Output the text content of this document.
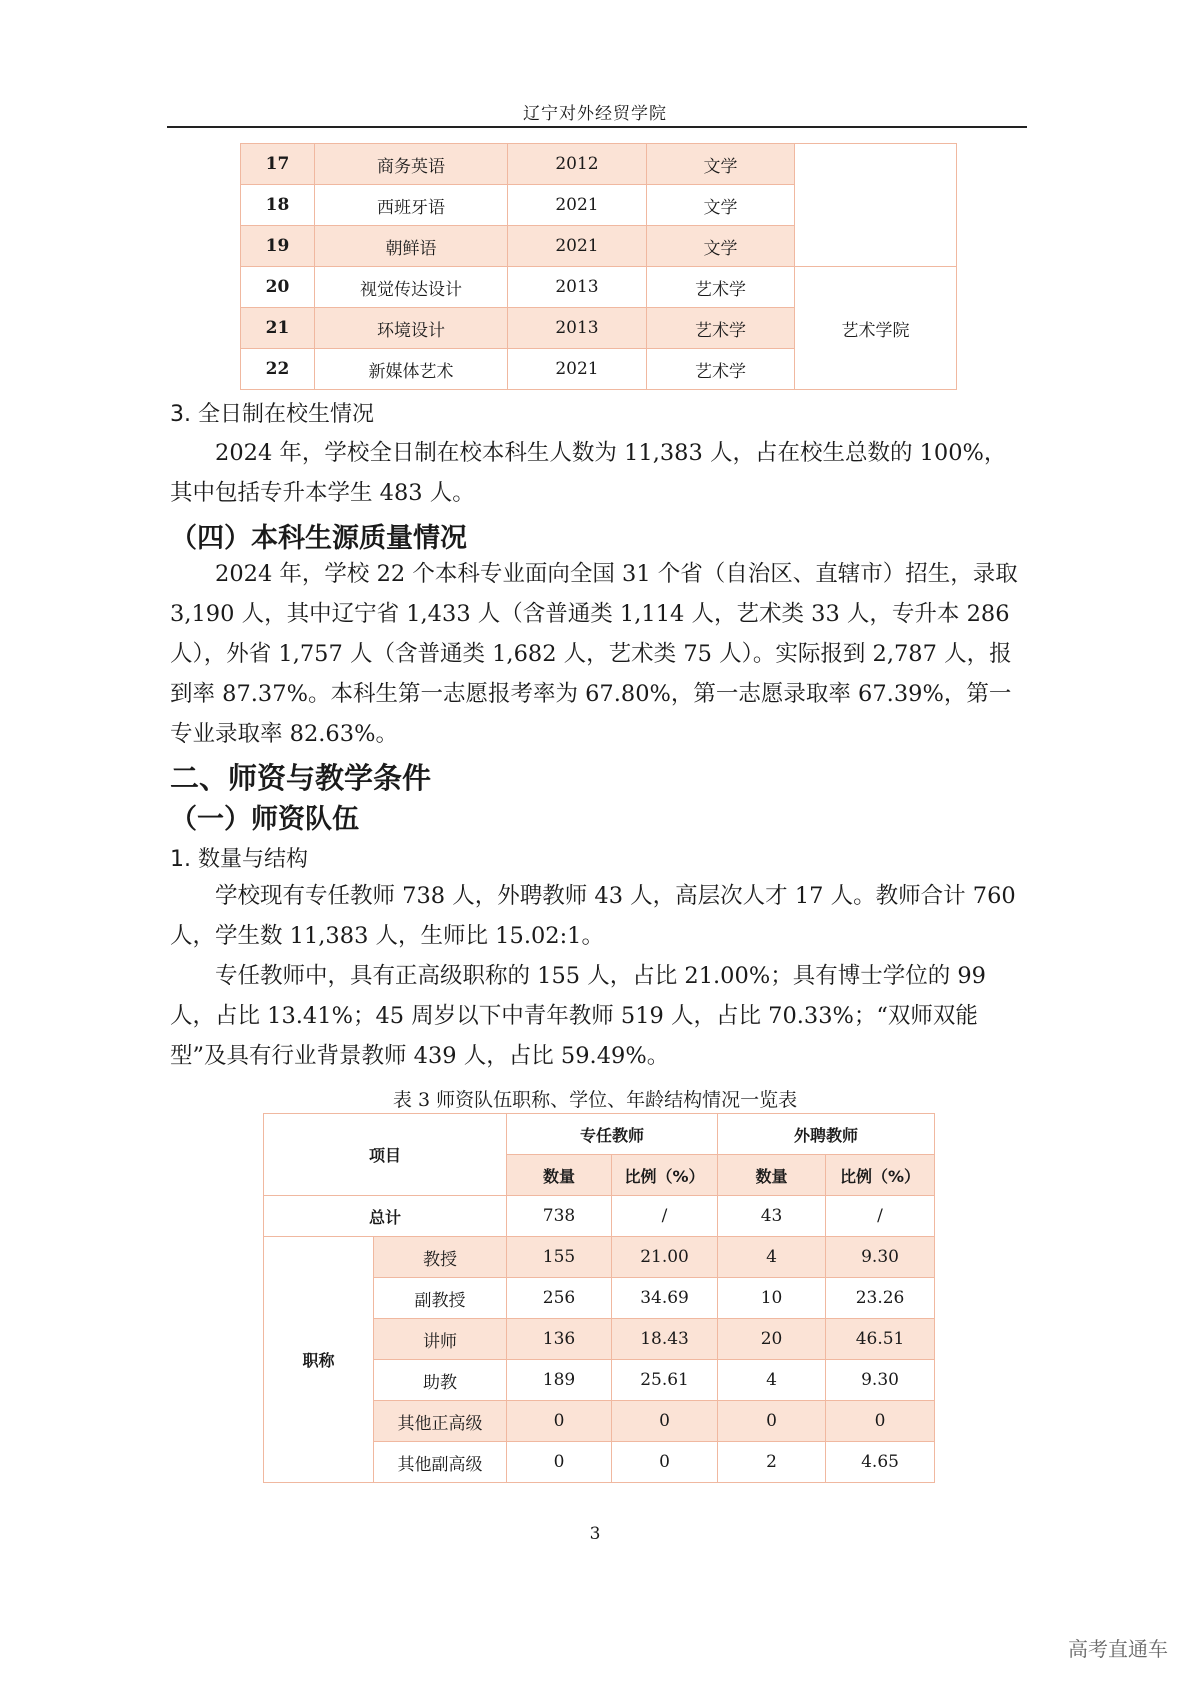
辽宁对外经贸学院
17	商务英语	2012	文学	
18	西班牙语	2021	文学	
19	朝鲜语	2021	文学	
20	视觉传达设计	2013	艺术学	艺术学院
21	环境设计	2013	艺术学	
22	新媒体艺术	2021	艺术学	
3. 全日制在校生情况
2024 年，学校全日制在校本科生人数为 11,383 人，占在校生总数的 100%，其中包括专升本学生 483 人。
（四）本科生源质量情况
2024 年，学校 22 个本科专业面向全国 31 个省（自治区、直辖市）招生，录取 3,190 人，其中辽宁省 1,433 人（含普通类 1,114 人，艺术类 33 人，专升本 286 人），外省 1,757 人（含普通类 1,682 人，艺术类 75 人）。实际报到 2,787 人，报到率 87.37%。本科生第一志愿报考率为 67.80%，第一志愿录取率 67.39%，第一专业录取率 82.63%。
二、师资与教学条件
（一）师资队伍
1. 数量与结构
学校现有专任教师 738 人，外聘教师 43 人，高层次人才 17 人。教师合计 760 人，学生数 11,383 人，生师比 15.02:1。
专任教师中，具有正高级职称的 155 人，占比 21.00%；具有博士学位的 99 人，占比 13.41%；45 周岁以下中青年教师 519 人，占比 70.33%；“双师双能型”及具有行业背景教师 439 人，占比 59.49%。
表 3 师资队伍职称、学位、年龄结构情况一览表
项目		专任教师		外聘教师	
		数量	比例（%）	数量	比例（%）
总计		738	/	43	/
职称	教授	155	21.00	4	9.30
	副教授	256	34.69	10	23.26
	讲师	136	18.43	20	46.51
	助教	189	25.61	4	9.30
	其他正高级	0	0	0	0
	其他副高级	0	0	2	4.65
3
高考直通车
